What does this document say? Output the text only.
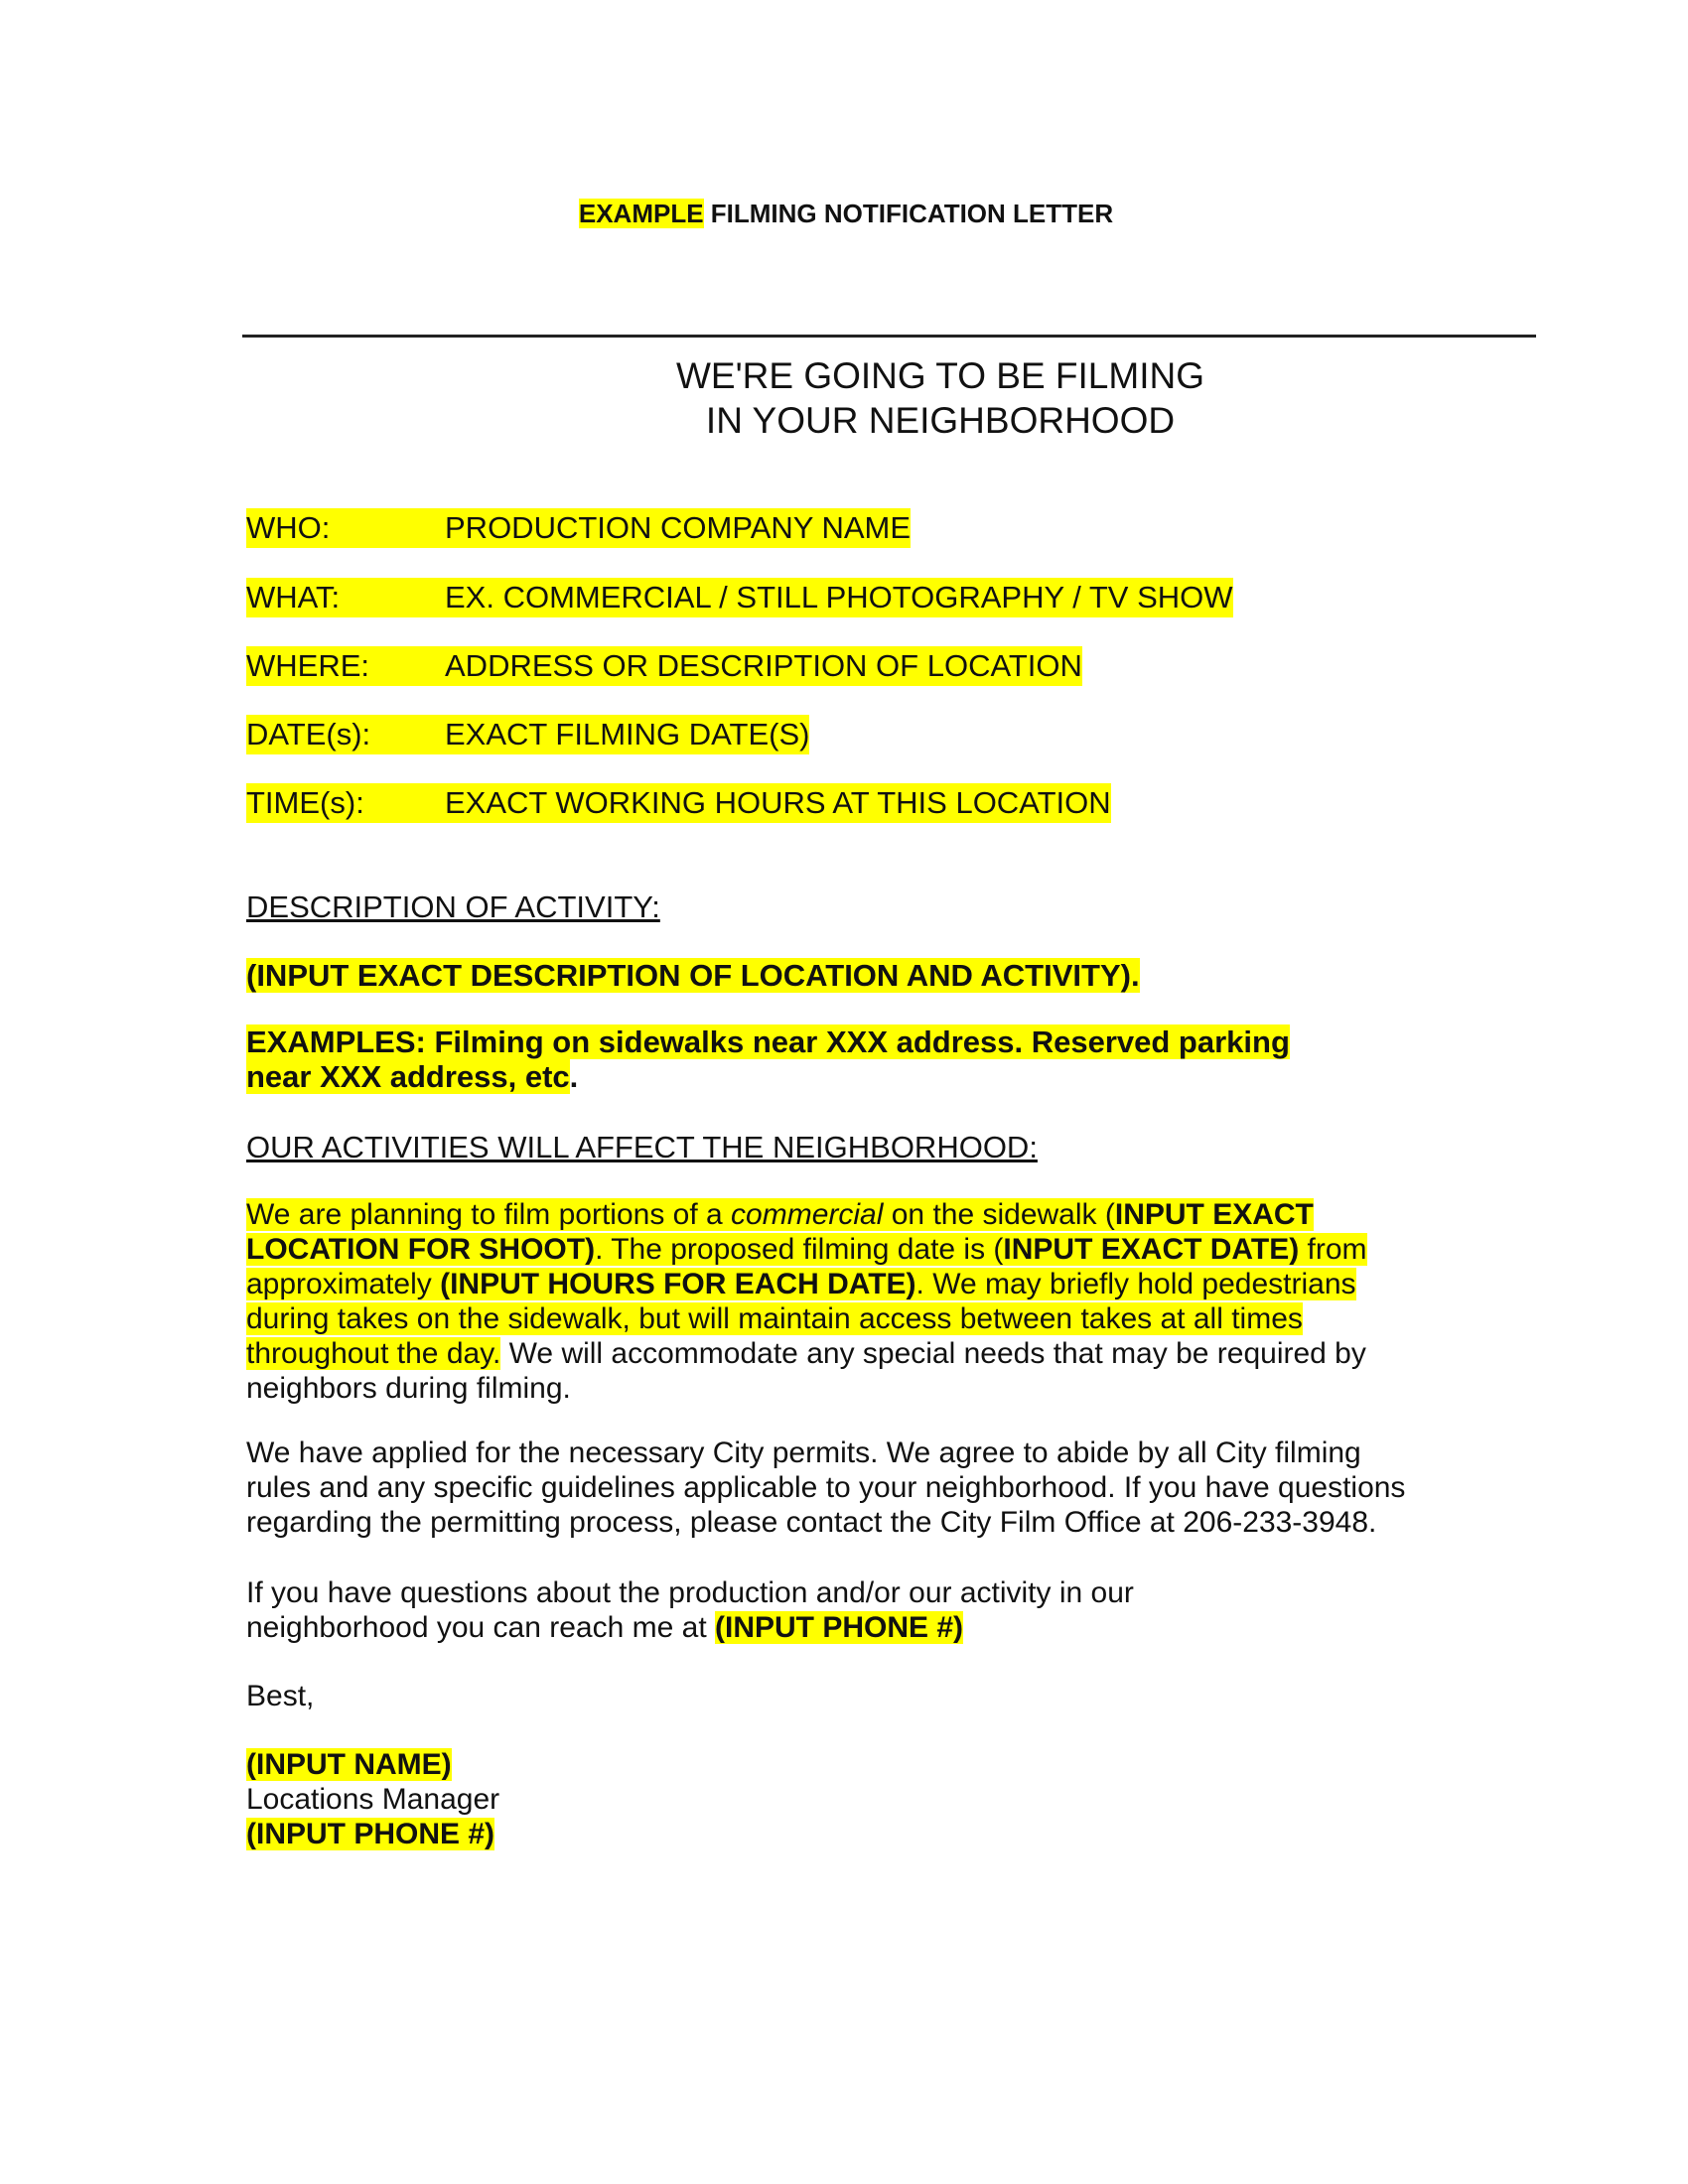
EXAMPLE FILMING NOTIFICATION LETTER
WE'RE GOING TO BE FILMING
IN YOUR NEIGHBORHOOD
WHO:	PRODUCTION COMPANY NAME
WHAT:	EX. COMMERCIAL / STILL PHOTOGRAPHY / TV SHOW
WHERE: ADDRESS OR DESCRIPTION OF LOCATION
DATE(s): EXACT FILMING DATE(S)
TIME(s):	EXACT WORKING HOURS AT THIS LOCATION
DESCRIPTION OF ACTIVITY:
(INPUT EXACT DESCRIPTION OF LOCATION AND ACTIVITY).
EXAMPLES: Filming on sidewalks near XXX address. Reserved parking
near XXX address, etc.
OUR ACTIVITIES WILL AFFECT THE NEIGHBORHOOD:
We are planning to film portions of a commercial on the sidewalk (INPUT EXACT
LOCATION FOR SHOOT). The proposed filming date is (INPUT EXACT DATE) from
approximately (INPUT HOURS FOR EACH DATE). We may briefly hold pedestrians
during takes on the sidewalk, but will maintain access between takes at all times
throughout the day. We will accommodate any special needs that may be required by
neighbors during filming.
We have applied for the necessary City permits. We agree to abide by all City filming
rules and any specific guidelines applicable to your neighborhood. If you have questions
regarding the permitting process, please contact the City Film Office at 206-233-3948.
If you have questions about the production and/or our activity in our
neighborhood you can reach me at (INPUT PHONE #)
Best,
(INPUT NAME)
Locations Manager
(INPUT PHONE #)
